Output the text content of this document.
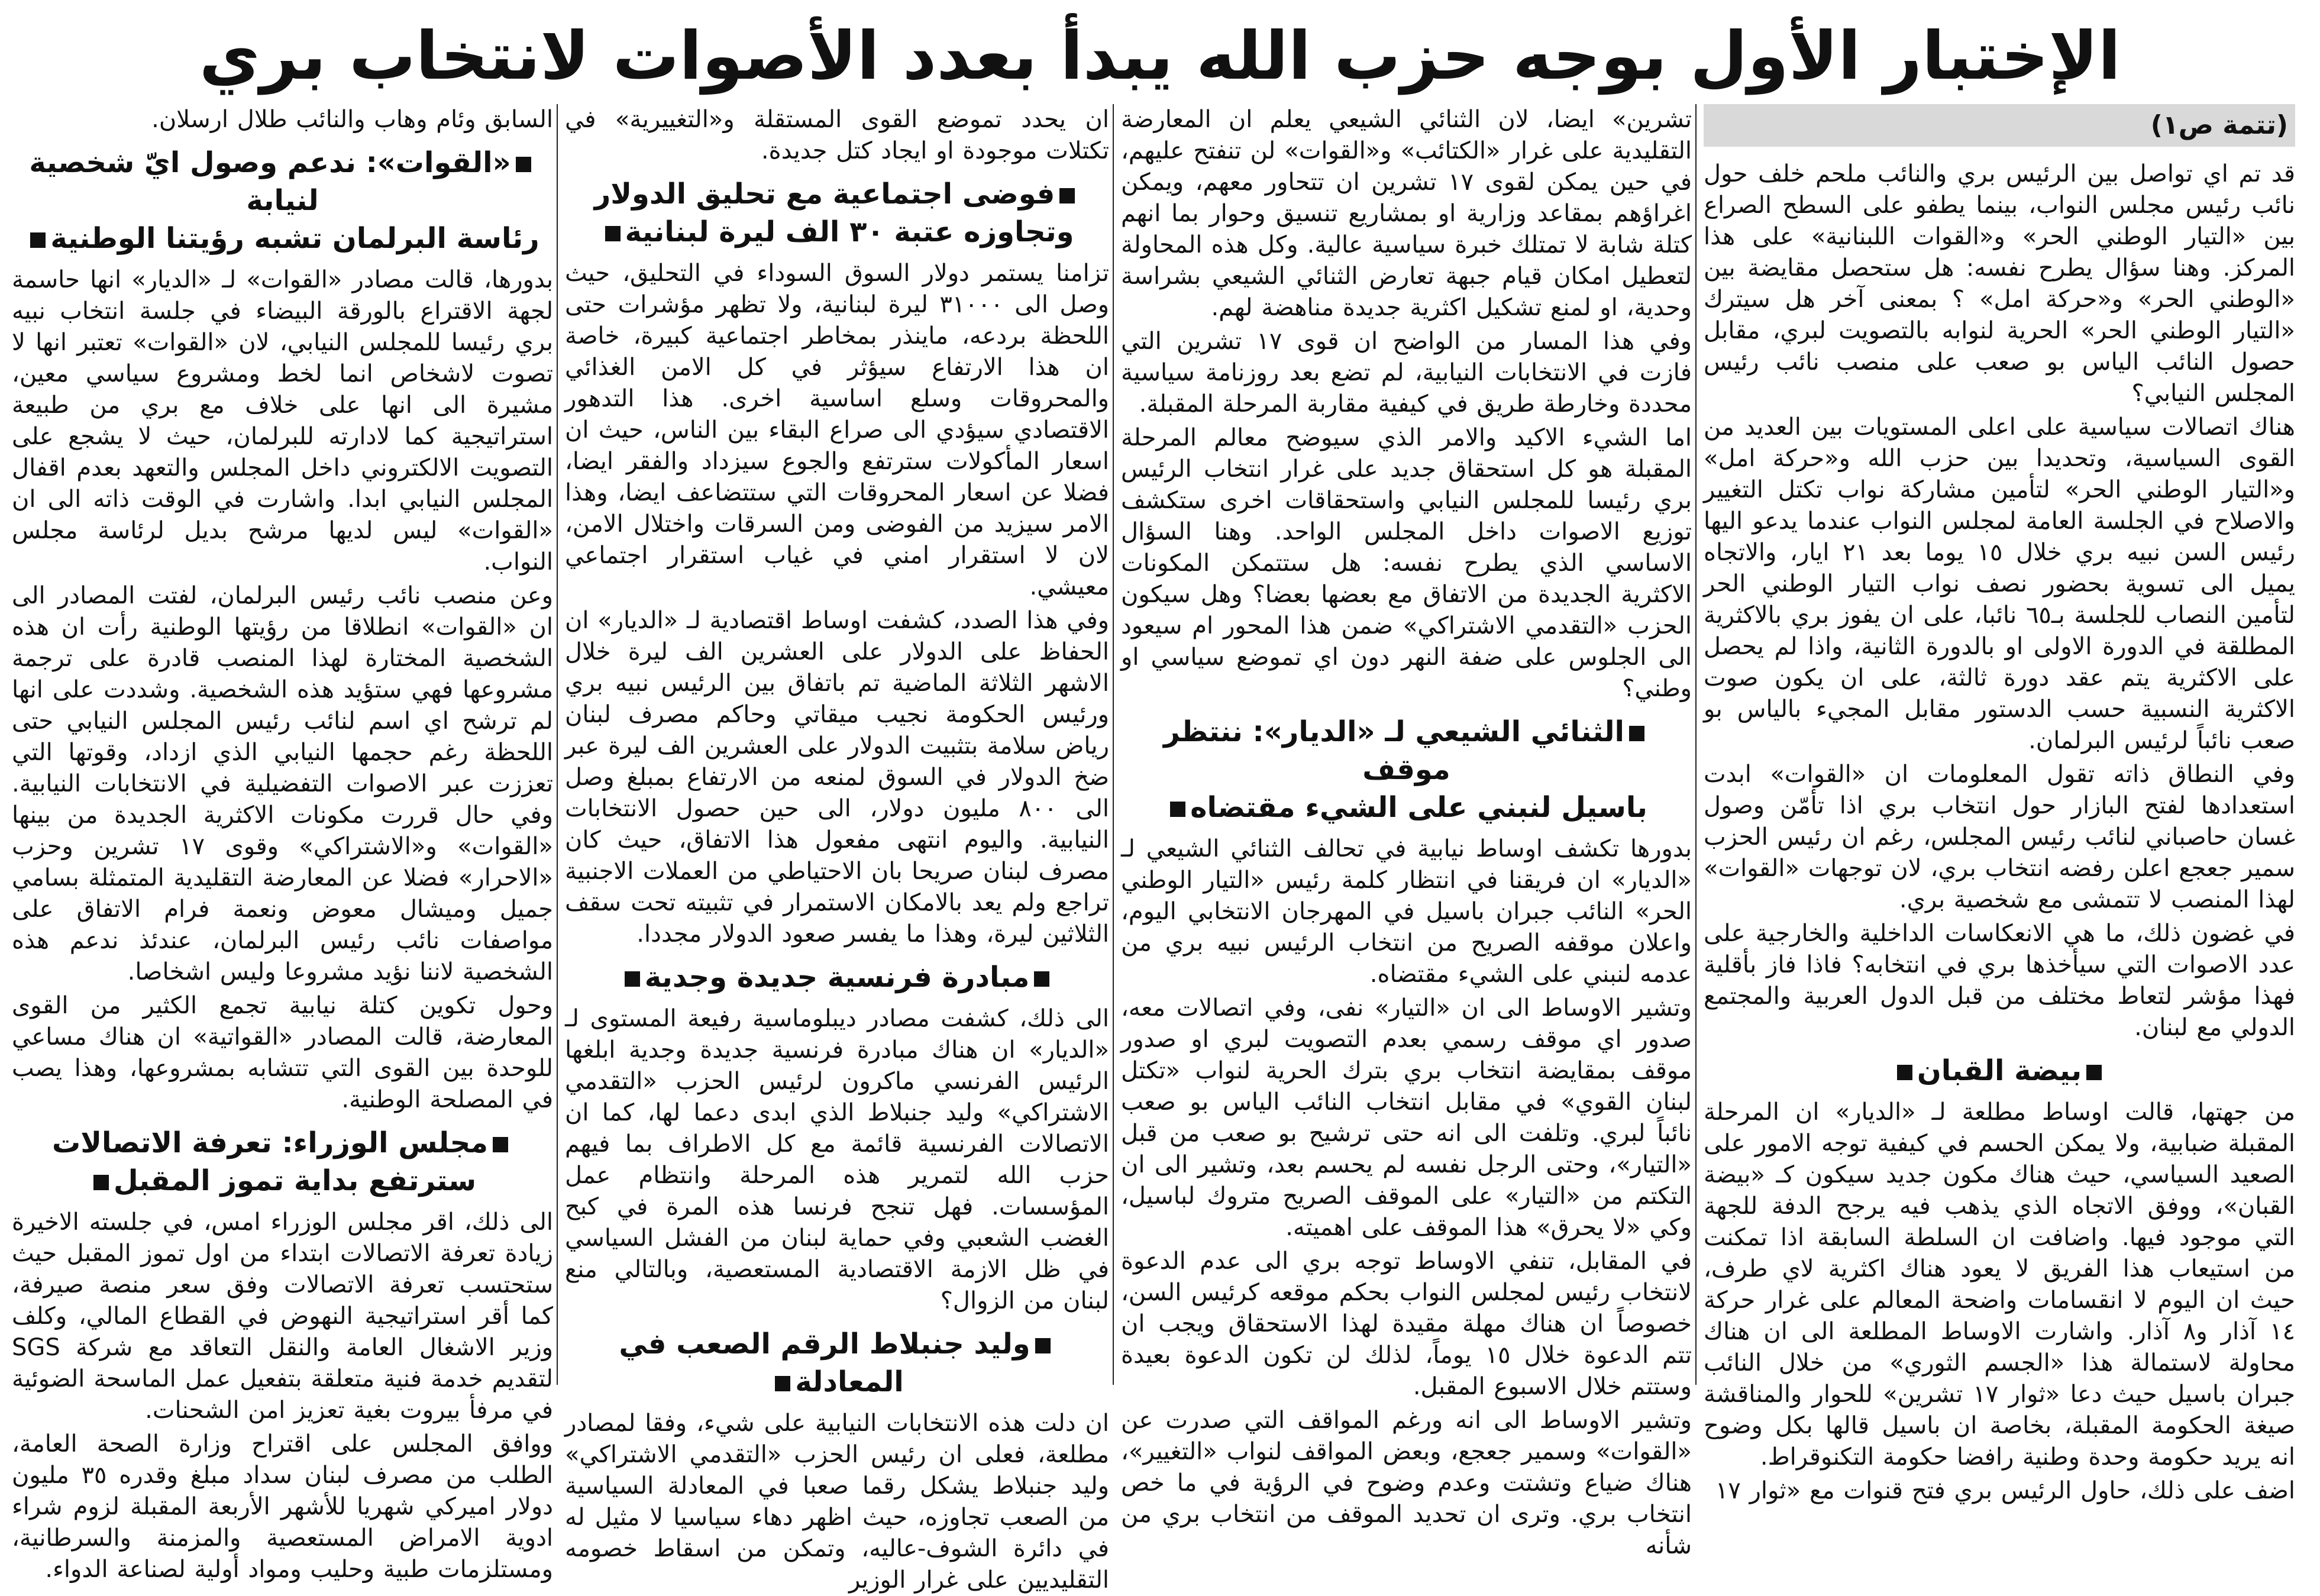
الإختبار الأول بوجه حزب الله يبدأ بعدد الأصوات لانتخاب بري
(تتمة ص١)

قد تم اي تواصل بين الرئيس بري والنائب ملحم خلف حول نائب رئيس مجلس النواب، بينما يطفو على السطح الصراع بين «التيار الوطني الحر» و«القوات اللبنانية» على هذا المركز. وهنا سؤال يطرح نفسه: هل ستحصل مقايضة بين «الوطني الحر» و«حركة امل» ؟ بمعنى آخر هل سيترك «التيار الوطني الحر» الحرية لنوابه بالتصويت لبري، مقابل حصول النائب الياس بو صعب على منصب نائب رئيس المجلس النيابي؟

هناك اتصالات سياسية على اعلى المستويات بين العديد من القوى السياسية، وتحديدا بين حزب الله و«حركة امل» و«التيار الوطني الحر» لتأمين مشاركة نواب تكتل التغيير والاصلاح في الجلسة العامة لمجلس النواب عندما يدعو اليها رئيس السن نبيه بري خلال ١٥ يوما بعد ٢١ ايار، والاتجاه يميل الى تسوية بحضور نصف نواب التيار الوطني الحر لتأمين النصاب للجلسة بـ٦٥ نائبا، على ان يفوز بري بالاكثرية المطلقة في الدورة الاولى او بالدورة الثانية، واذا لم يحصل على الاكثرية يتم عقد دورة ثالثة، على ان يكون صوت الاكثرية النسبية حسب الدستور مقابل المجيء بالياس بو صعب نائباً لرئيس البرلمان.

وفي النطاق ذاته تقول المعلومات ان «القوات» ابدت استعدادها لفتح البازار حول انتخاب بري اذا تأمّن وصول غسان حاصباني لنائب رئيس المجلس، رغم ان رئيس الحزب سمير جعجع اعلن رفضه انتخاب بري، لان توجهات «القوات» لهذا المنصب لا تتمشى مع شخصية بري.

في غضون ذلك، ما هي الانعكاسات الداخلية والخارجية على عدد الاصوات التي سيأخذها بري في انتخابه؟ فاذا فاز بأقلية فهذا مؤشر لتعاط مختلف من قبل الدول العربية والمجتمع الدولي مع لبنان.

بيضة القبان

من جهتها، قالت اوساط مطلعة لـ «الديار» ان المرحلة المقبلة ضبابية، ولا يمكن الحسم في كيفية توجه الامور على الصعيد السياسي، حيث هناك مكون جديد سيكون كـ «بيضة القبان»، ووفق الاتجاه الذي يذهب فيه يرجح الدفة للجهة التي موجود فيها. واضافت ان السلطة السابقة اذا تمكنت من استيعاب هذا الفريق لا يعود هناك اكثرية لاي طرف، حيث ان اليوم لا انقسامات واضحة المعالم على غرار حركة ١٤ آذار و٨ آذار. واشارت الاوساط المطلعة الى ان هناك محاولة لاستمالة هذا «الجسم الثوري» من خلال النائب جبران باسيل حيث دعا «ثوار ١٧ تشرين» للحوار والمناقشة صيغة الحكومة المقبلة، بخاصة ان باسيل قالها بكل وضوح انه يريد حكومة وحدة وطنية رافضا حكومة التكنوقراط.

اضف على ذلك، حاول الرئيس بري فتح قنوات مع «ثوار ١٧

تشرين» ايضا، لان الثنائي الشيعي يعلم ان المعارضة التقليدية على غرار «الكتائب» و«القوات» لن تنفتح عليهم، في حين يمكن لقوى ١٧ تشرين ان تتحاور معهم، ويمكن اغراؤهم بمقاعد وزارية او بمشاريع تنسيق وحوار بما انهم كتلة شابة لا تمتلك خبرة سياسية عالية. وكل هذه المحاولة لتعطيل امكان قيام جبهة تعارض الثنائي الشيعي بشراسة وحدية، او لمنع تشكيل اكثرية جديدة مناهضة لهم.

وفي هذا المسار من الواضح ان قوى ١٧ تشرين التي فازت في الانتخابات النيابية، لم تضع بعد روزنامة سياسية محددة وخارطة طريق في كيفية مقاربة المرحلة المقبلة.

اما الشيء الاكيد والامر الذي سيوضح معالم المرحلة المقبلة هو كل استحقاق جديد على غرار انتخاب الرئيس بري رئيسا للمجلس النيابي واستحقاقات اخرى ستكشف توزيع الاصوات داخل المجلس الواحد. وهنا السؤال الاساسي الذي يطرح نفسه: هل ستتمكن المكونات الاكثرية الجديدة من الاتفاق مع بعضها بعضا؟ وهل سيكون الحزب «التقدمي الاشتراكي» ضمن هذا المحور ام سيعود الى الجلوس على ضفة النهر دون اي تموضع سياسي او وطني؟

الثنائي الشيعي لـ «الديار»: ننتظر موقف
باسيل لنبني على الشيء مقتضاه

بدورها تكشف اوساط نيابية في تحالف الثنائي الشيعي لـ «الديار» ان فريقنا في انتظار كلمة رئيس «التيار الوطني الحر» النائب جبران باسيل في المهرجان الانتخابي اليوم، واعلان موقفه الصريح من انتخاب الرئيس نبيه بري من عدمه لنبني على الشيء مقتضاه.

وتشير الاوساط الى ان «التيار» نفى، وفي اتصالات معه، صدور اي موقف رسمي بعدم التصويت لبري او صدور موقف بمقايضة انتخاب بري بترك الحرية لنواب «تكتل لبنان القوي» في مقابل انتخاب النائب الياس بو صعب نائباً لبري. وتلفت الى انه حتى ترشيح بو صعب من قبل «التيار»، وحتى الرجل نفسه لم يحسم بعد، وتشير الى ان التكتم من «التيار» على الموقف الصريح متروك لباسيل، وكي «لا يحرق» هذا الموقف على اهميته.

في المقابل، تنفي الاوساط توجه بري الى عدم الدعوة لانتخاب رئيس لمجلس النواب بحكم موقعه كرئيس السن، خصوصاً ان هناك مهلة مقيدة لهذا الاستحقاق ويجب ان تتم الدعوة خلال ١٥ يوماً، لذلك لن تكون الدعوة بعيدة وستتم خلال الاسبوع المقبل.

وتشير الاوساط الى انه ورغم المواقف التي صدرت عن «القوات» وسمير جعجع، وبعض المواقف لنواب «التغيير»، هناك ضياع وتشتت وعدم وضوح في الرؤية في ما خص انتخاب بري. وترى ان تحديد الموقف من انتخاب بري من شأنه

ان يحدد تموضع القوى المستقلة و«التغييرية» في تكتلات موجودة او ايجاد كتل جديدة.

فوضى اجتماعية مع تحليق الدولار
وتجاوزه عتبة ٣٠ الف ليرة لبنانية

تزامنا يستمر دولار السوق السوداء في التحليق، حيث وصل الى ٣١٠٠٠ ليرة لبنانية، ولا تظهر مؤشرات حتى اللحظة بردعه، ماينذر بمخاطر اجتماعية كبيرة، خاصة ان هذا الارتفاع سيؤثر في كل الامن الغذائي والمحروقات وسلع اساسية اخرى. هذا التدهور الاقتصادي سيؤدي الى صراع البقاء بين الناس، حيث ان اسعار المأكولات سترتفع والجوع سيزداد والفقر ايضا، فضلا عن اسعار المحروقات التي ستتضاعف ايضا، وهذا الامر سيزيد من الفوضى ومن السرقات واختلال الامن، لان لا استقرار امني في غياب استقرار اجتماعي معيشي.

وفي هذا الصدد، كشفت اوساط اقتصادية لـ «الديار» ان الحفاظ على الدولار على العشرين الف ليرة خلال الاشهر الثلاثة الماضية تم باتفاق بين الرئيس نبيه بري ورئيس الحكومة نجيب ميقاتي وحاكم مصرف لبنان رياض سلامة بتثبيت الدولار على العشرين الف ليرة عبر ضخ الدولار في السوق لمنعه من الارتفاع بمبلغ وصل الى ٨٠٠ مليون دولار، الى حين حصول الانتخابات النيابية. واليوم انتهى مفعول هذا الاتفاق، حيث كان مصرف لبنان صريحا بان الاحتياطي من العملات الاجنبية تراجع ولم يعد بالامكان الاستمرار في تثبيته تحت سقف الثلاثين ليرة، وهذا ما يفسر صعود الدولار مجددا.

مبادرة فرنسية جديدة وجدية

الى ذلك، كشفت مصادر ديبلوماسية رفيعة المستوى لـ «الديار» ان هناك مبادرة فرنسية جديدة وجدية ابلغها الرئيس الفرنسي ماكرون لرئيس الحزب «التقدمي الاشتراكي» وليد جنبلاط الذي ابدى دعما لها، كما ان الاتصالات الفرنسية قائمة مع كل الاطراف بما فيهم حزب الله لتمرير هذه المرحلة وانتظام عمل المؤسسات. فهل تنجح فرنسا هذه المرة في كبح الغضب الشعبي وفي حماية لبنان من الفشل السياسي في ظل الازمة الاقتصادية المستعصية، وبالتالي منع لبنان من الزوال؟

وليد جنبلاط الرقم الصعب في المعادلة

ان دلت هذه الانتخابات النيابية على شيء، وفقا لمصادر مطلعة، فعلى ان رئيس الحزب «التقدمي الاشتراكي» وليد جنبلاط يشكل رقما صعبا في المعادلة السياسية من الصعب تجاوزه، حيث اظهر دهاء سياسيا لا مثيل له في دائرة الشوف-عاليه، وتمكن من اسقاط خصومه التقليديين على غرار الوزير

السابق وئام وهاب والنائب طلال ارسلان.

«القوات»: ندعم وصول ايّ شخصية لنيابة
رئاسة البرلمان تشبه رؤيتنا الوطنية

بدورها، قالت مصادر «القوات» لـ «الديار» انها حاسمة لجهة الاقتراع بالورقة البيضاء في جلسة انتخاب نبيه بري رئيسا للمجلس النيابي، لان «القوات» تعتبر انها لا تصوت لاشخاص انما لخط ومشروع سياسي معين، مشيرة الى انها على خلاف مع بري من طبيعة استراتيجية كما لادارته للبرلمان، حيث لا يشجع على التصويت الالكتروني داخل المجلس والتعهد بعدم اقفال المجلس النيابي ابدا. واشارت في الوقت ذاته الى ان «القوات» ليس لديها مرشح بديل لرئاسة مجلس النواب.

وعن منصب نائب رئيس البرلمان، لفتت المصادر الى ان «القوات» انطلاقا من رؤيتها الوطنية رأت ان هذه الشخصية المختارة لهذا المنصب قادرة على ترجمة مشروعها فهي ستؤيد هذه الشخصية. وشددت على انها لم ترشح اي اسم لنائب رئيس المجلس النيابي حتى اللحظة رغم حجمها النيابي الذي ازداد، وقوتها التي تعززت عبر الاصوات التفضيلية في الانتخابات النيابية. وفي حال قررت مكونات الاكثرية الجديدة من بينها «القوات» و«الاشتراكي» وقوى ١٧ تشرين وحزب «الاحرار» فضلا عن المعارضة التقليدية المتمثلة بسامي جميل وميشال معوض ونعمة فرام الاتفاق على مواصفات نائب رئيس البرلمان، عندئذ ندعم هذه الشخصية لاننا نؤيد مشروعا وليس اشخاصا.

وحول تكوين كتلة نيابية تجمع الكثير من القوى المعارضة، قالت المصادر «القواتية» ان هناك مساعي للوحدة بين القوى التي تتشابه بمشروعها، وهذا يصب في المصلحة الوطنية.

مجلس الوزراء: تعرفة الاتصالات
سترتفع بداية تموز المقبل

الى ذلك، اقر مجلس الوزراء امس، في جلسته الاخيرة زيادة تعرفة الاتصالات ابتداء من اول تموز المقبل حيث ستحتسب تعرفة الاتصالات وفق سعر منصة صيرفة، كما أقر استراتيجية النهوض في القطاع المالي، وكلف وزير الاشغال العامة والنقل التعاقد مع شركة SGS لتقديم خدمة فنية متعلقة بتفعيل عمل الماسحة الضوئية في مرفأ بيروت بغية تعزيز امن الشحنات.

ووافق المجلس على اقتراح وزارة الصحة العامة، الطلب من مصرف لبنان سداد مبلغ وقدره ٣٥ مليون دولار اميركي شهريا للأشهر الأربعة المقبلة لزوم شراء ادوية الامراض المستعصية والمزمنة والسرطانية، ومستلزمات طبية وحليب ومواد أولية لصناعة الدواء.
